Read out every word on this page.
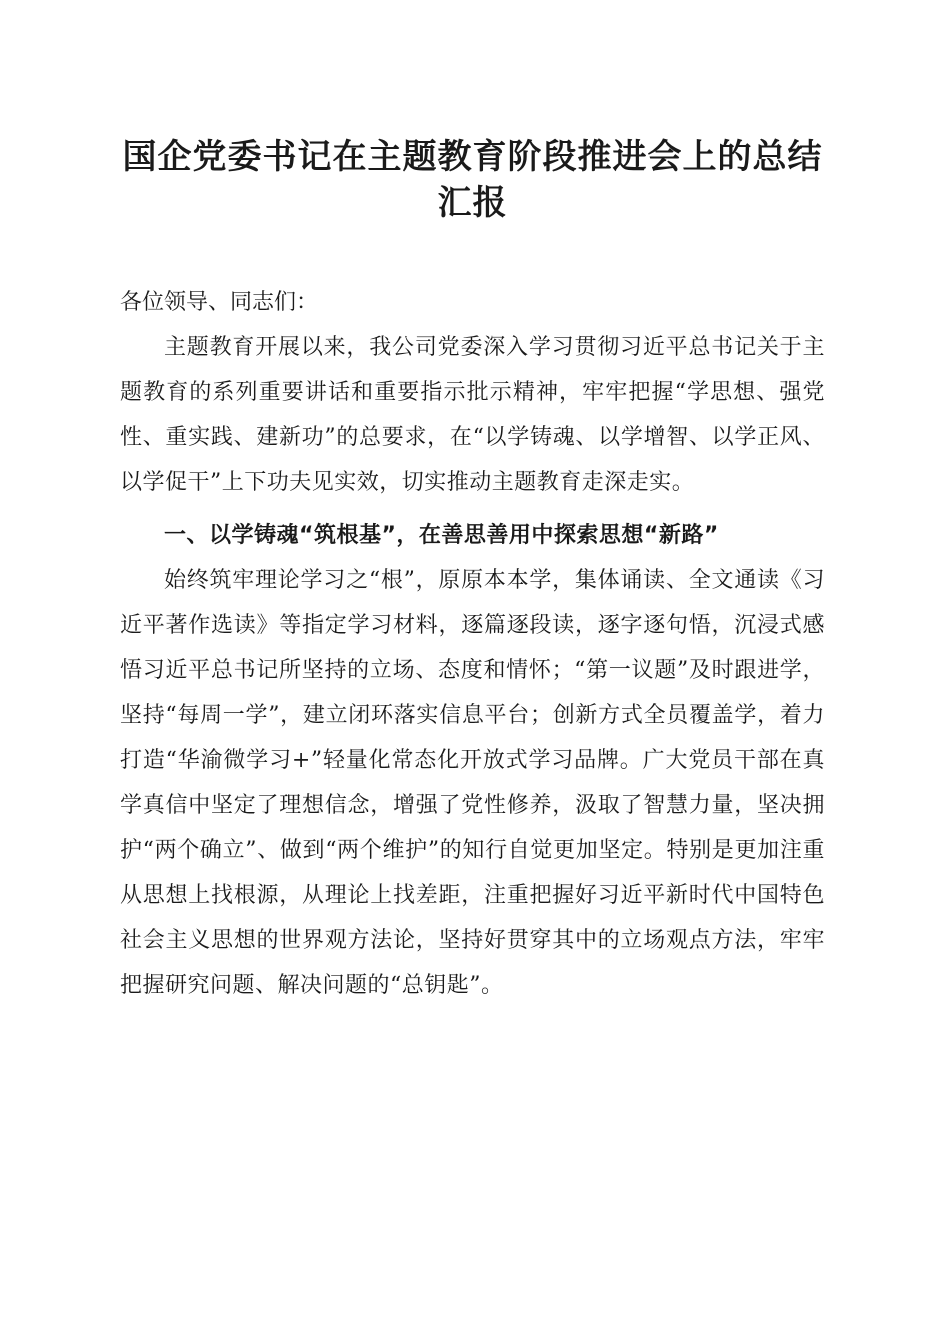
国企党委书记在主题教育阶段推进会上的总结汇报

各位领导、同志们：

主题教育开展以来，我公司党委深入学习贯彻习近平总书记关于主题教育的系列重要讲话和重要指示批示精神，牢牢把握“学思想、强党性、重实践、建新功”的总要求，在“以学铸魂、以学增智、以学正风、以学促干”上下功夫见实效，切实推动主题教育走深走实。

一、以学铸魂“筑根基”，在善思善用中探索思想“新路”

始终筑牢理论学习之“根”，原原本本学，集体诵读、全文通读《习近平著作选读》等指定学习材料，逐篇逐段读，逐字逐句悟，沉浸式感悟习近平总书记所坚持的立场、态度和情怀；“第一议题”及时跟进学，坚持“每周一学”，建立闭环落实信息平台；创新方式全员覆盖学，着力打造“华渝微学习+”轻量化常态化开放式学习品牌。广大党员干部在真学真信中坚定了理想信念，增强了党性修养，汲取了智慧力量，坚决拥护“两个确立”、做到“两个维护”的知行自觉更加坚定。特别是更加注重从思想上找根源，从理论上找差距，注重把握好习近平新时代中国特色社会主义思想的世界观方法论，坚持好贯穿其中的立场观点方法，牢牢把握研究问题、解决问题的“总钥匙”。
